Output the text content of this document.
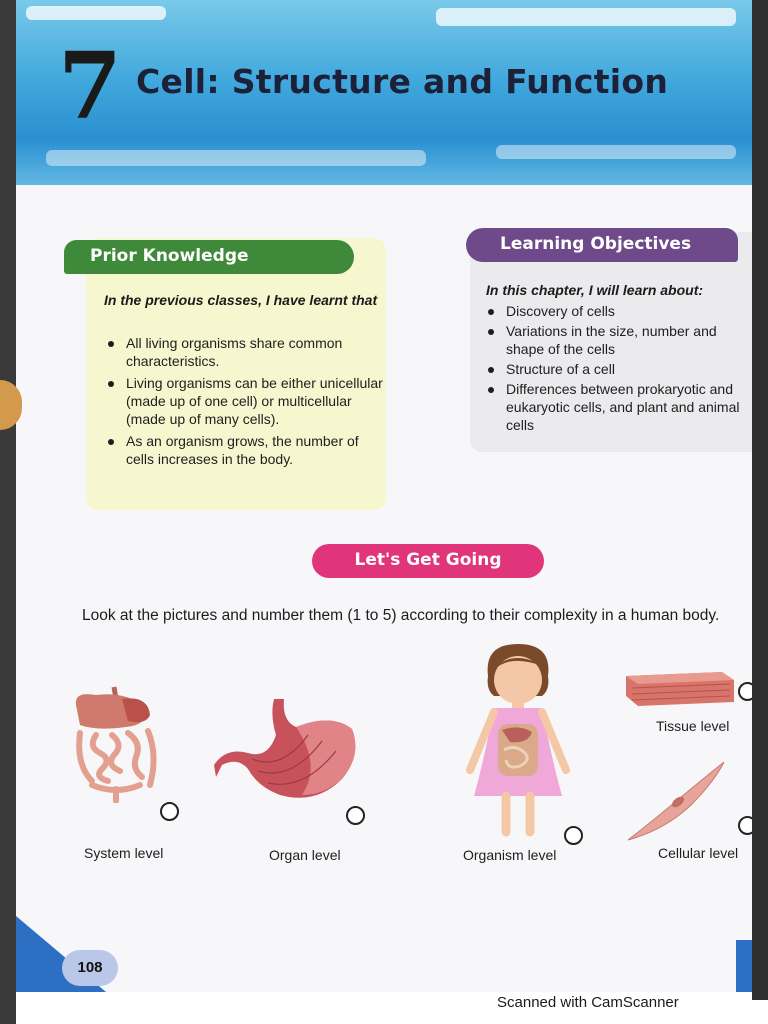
7 Cell: Structure and Function
Prior Knowledge
In the previous classes, I have learnt that
All living organisms share common characteristics.
Living organisms can be either unicellular (made up of one cell) or multicellular (made up of many cells).
As an organism grows, the number of cells increases in the body.
Learning Objectives
In this chapter, I will learn about:
Discovery of cells
Variations in the size, number and shape of the cells
Structure of a cell
Differences between prokaryotic and eukaryotic cells, and plant and animal cells
Let's Get Going
Look at the pictures and number them (1 to 5) according to their complexity in a human body.
System level	Organ level	Organism level
Tissue level
Cellular level
108
Scanned with CamScanner
